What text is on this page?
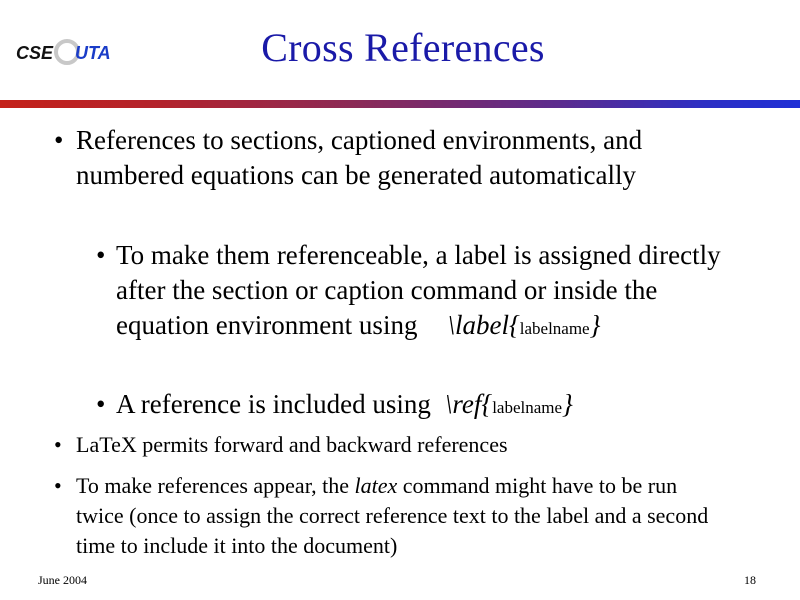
CSE UTA	Cross References
• References to sections, captioned environments, and numbered equations can be generated automatically
• To make them referenceable, a label is assigned directly after the section or caption command or inside the equation environment using \label{labelname}
• A reference is included using \ref{labelname}
• LaTeX permits forward and backward references
• To make references appear, the latex command might have to be run twice (once to assign the correct reference text to the label and a second time to include it into the document)
June 2004	18
